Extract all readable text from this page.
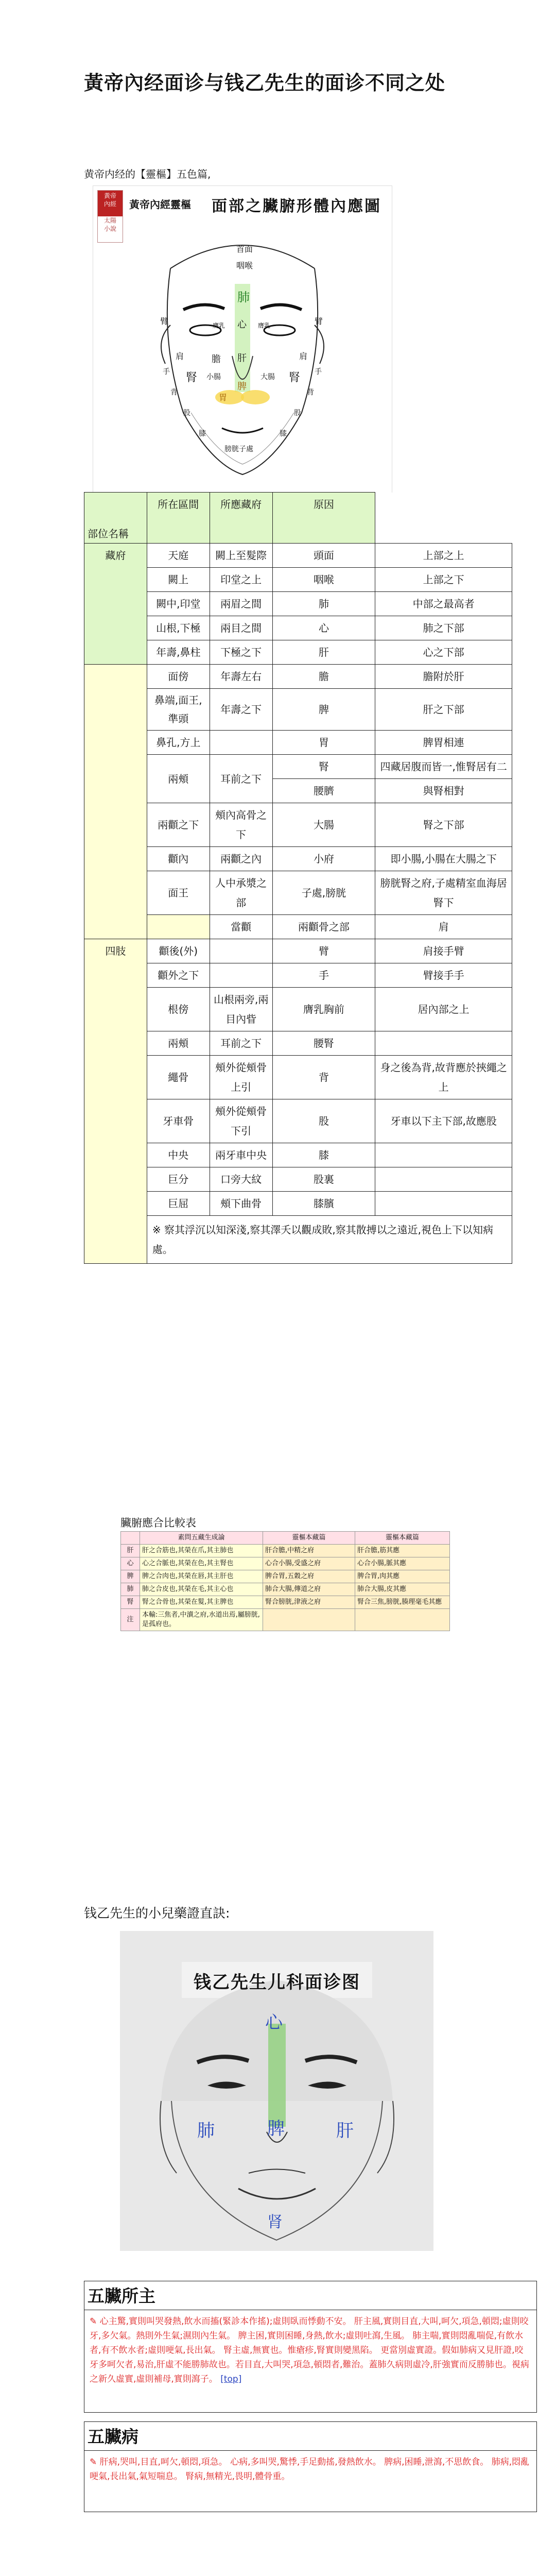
黃帝內经面诊与钱乙先生的面诊不同之处
黄帝内经的【靈樞】五色篇,
黃帝
內經
太陽
小說
黃帝內經靈樞 面部之臟腑形體內應圖
首面
咽喉
肺
心
肝
膽
脾
胃
腎	腎
膀胱子處
小腸	大腸
臂	臂
肩	肩
膺乳	膺乳
手	手
背	背
股	股
膝	膝
部位名稱	所在區間	所應藏府	原因	
藏府	天庭	闕上至髮際	頭面	上部之上
	闕上	印堂之上	咽喉	上部之下
	闕中,印堂	兩眉之間	肺	中部之最高者
	山根,下極	兩目之間	心	肺之下部
	年壽,鼻柱	下極之下	肝	心之下部
	面傍	年壽左右	膽	膽附於肝
	鼻端,面王,準頭	年壽之下	脾	肝之下部
	鼻孔,方上		胃	脾胃相連
	兩頰	耳前之下	腎	四藏居腹而皆一,惟腎居有二
			腰臍	與腎相對
	兩顴之下	頰內高骨之下	大腸	腎之下部
	顴內	兩顴之內	小府	即小腸,小腸在大腸之下
	面王	人中承漿之部	子處,膀胱	膀胱腎之府,子處精室血海居腎下
		當顴	兩顴骨之部	肩

四肢	顴後(外)		臂	肩接手臂
	顴外之下		手	臂接手手
	根傍	山根兩旁,兩目內眥	膺乳胸前	居內部之上
	兩頰	耳前之下	腰腎	
	繩骨	頰外從頰骨上引	背	身之後為背,故背應於挾繩之上
	牙車骨	頰外從頰骨下引	股	牙車以下主下部,故應股
	中央	兩牙車中央	膝	
	巨分	口旁大紋	股裏	
	巨屈	頰下曲骨	膝臏	
	※ 察其浮沉以知深淺,察其澤夭以觀成敗,察其散搏以之遠近,視色上下以知病處。			
臟腑應合比較表
	素問五藏生成論	靈樞本藏篇	靈樞本藏篇
肝	肝之合筋也,其榮在爪,其主肺也	肝合膽,中精之府	肝合膽,筋其應
心	心之合脈也,其榮在色,其主腎也	心合小腸,受盛之府	心合小腸,脈其應
脾	脾之合肉也,其榮在唇,其主肝也	脾合胃,五穀之府	脾合胃,肉其應
肺	肺之合皮也,其榮在毛,其主心也	肺合大腸,傳道之府	肺合大腸,皮其應
腎	腎之合骨也,其榮在髮,其主脾也	腎合膀胱,津液之府	腎合三焦,膀胱,腠理毫毛其應
注	本輸:三焦者,中瀆之府,水道出焉,屬膀胱,是孤府也。		
钱乙先生的小兒藥證直訣:
钱乙先生儿科面诊图
心
肺	脾	肝
肾
五臟所主
✎ 心主驚,實則叫哭發熱,飲水而搐(緊診本作搖);虛則臥而悸動不安。 肝主風,實則目直,大叫,呵欠,項急,頓悶;虛則咬牙,多欠氣。熱則外生氣;濕則內生氣。 脾主困,實則困睡,身熱,飲水;虛則吐瀉,生風。 肺主喘,實則悶亂喘促,有飲水者,有不飲水者;虛則哽氣,長出氣。 腎主虛,無實也。惟瘡疹,腎實則變黑陷。 更當別虛實證。假如肺病又見肝證,咬牙多呵欠者,易治,肝虛不能勝肺故也。若目直,大叫哭,項急,頓悶者,難治。蓋肺久病則虛冷,肝強實而反勝肺也。視病之新久虛實,虛則補母,實則瀉子。 [top]
五臟病
✎ 肝病,哭叫,目直,呵欠,頓悶,項急。 心病,多叫哭,驚悸,手足動搖,發熱飲水。 脾病,困睡,泄瀉,不思飲食。 肺病,悶亂哽氣,長出氣,氣短喘息。 腎病,無精光,畏明,體骨重。
